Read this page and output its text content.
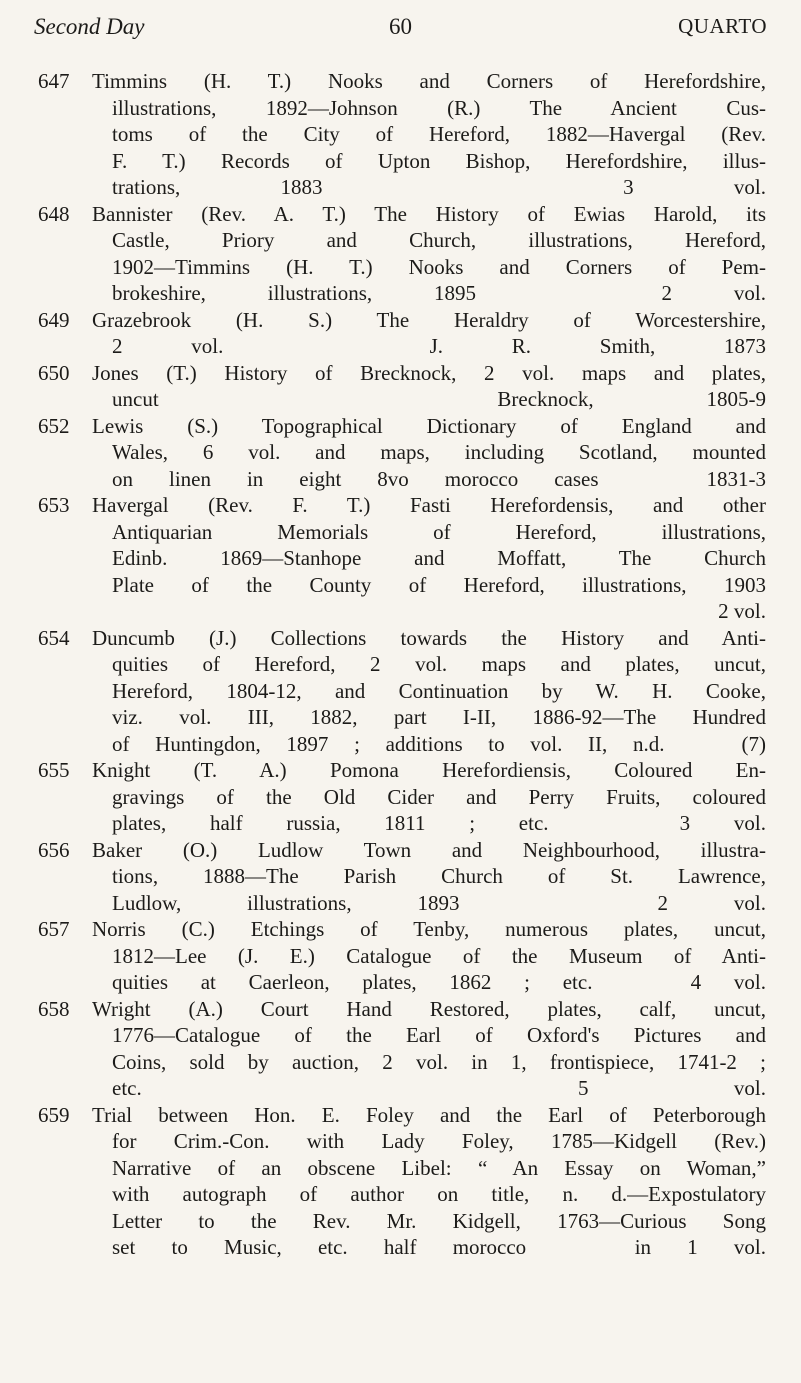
Second Day	60	QUARTO
647	Timmins (H. T.) Nooks and Corners of Herefordshire,
illustrations, 1892—Johnson (R.) The Ancient Cus-
toms of the City of Hereford, 1882—Havergal (Rev.
F. T.) Records of Upton Bishop, Herefordshire, illus-
trations, 1883   3 vol.
648	Bannister (Rev. A. T.) The History of Ewias Harold, its
Castle, Priory and Church, illustrations, Hereford,
1902—Timmins (H. T.) Nooks and Corners of Pem-
brokeshire, illustrations, 1895   2 vol.
649	Grazebrook (H. S.) The Heraldry of Worcestershire,
2 vol.   J. R. Smith, 1873
650	Jones (T.) History of Brecknock, 2 vol. maps and plates,
uncut   Brecknock, 1805-9
652	Lewis (S.) Topographical Dictionary of England and
Wales, 6 vol. and maps, including Scotland, mounted
on linen in eight 8vo morocco cases   1831-3
653	Havergal (Rev. F. T.) Fasti Herefordensis, and other
Antiquarian Memorials of Hereford, illustrations,
Edinb. 1869—Stanhope and Moffatt, The Church
Plate of the County of Hereford, illustrations, 1903
2 vol.
654	Duncumb (J.) Collections towards the History and Anti-
quities of Hereford, 2 vol. maps and plates, uncut,
Hereford, 1804-12, and Continuation by W. H. Cooke,
viz. vol. III, 1882, part I-II, 1886-92—The Hundred
of Huntingdon, 1897 ; additions to vol. II, n.d.   (7)
655	Knight (T. A.) Pomona Herefordiensis, Coloured En-
gravings of the Old Cider and Perry Fruits, coloured
plates, half russia, 1811 ; etc.   3 vol.
656	Baker (O.) Ludlow Town and Neighbourhood, illustra-
tions, 1888—The Parish Church of St. Lawrence,
Ludlow, illustrations, 1893   2 vol.
657	Norris (C.) Etchings of Tenby, numerous plates, uncut,
1812—Lee (J. E.) Catalogue of the Museum of Anti-
quities at Caerleon, plates, 1862 ; etc.   4 vol.
658	Wright (A.) Court Hand Restored, plates, calf, uncut,
1776—Catalogue of the Earl of Oxford's Pictures and
Coins, sold by auction, 2 vol. in 1, frontispiece, 1741-2 ;
etc.   5 vol.
659	Trial between Hon. E. Foley and the Earl of Peterborough
for Crim.-Con. with Lady Foley, 1785—Kidgell (Rev.)
Narrative of an obscene Libel: “ An Essay on Woman,”
with autograph of author on title, n. d.—Expostulatory
Letter to the Rev. Mr. Kidgell, 1763—Curious Song
set to Music, etc. half morocco   in 1 vol.
